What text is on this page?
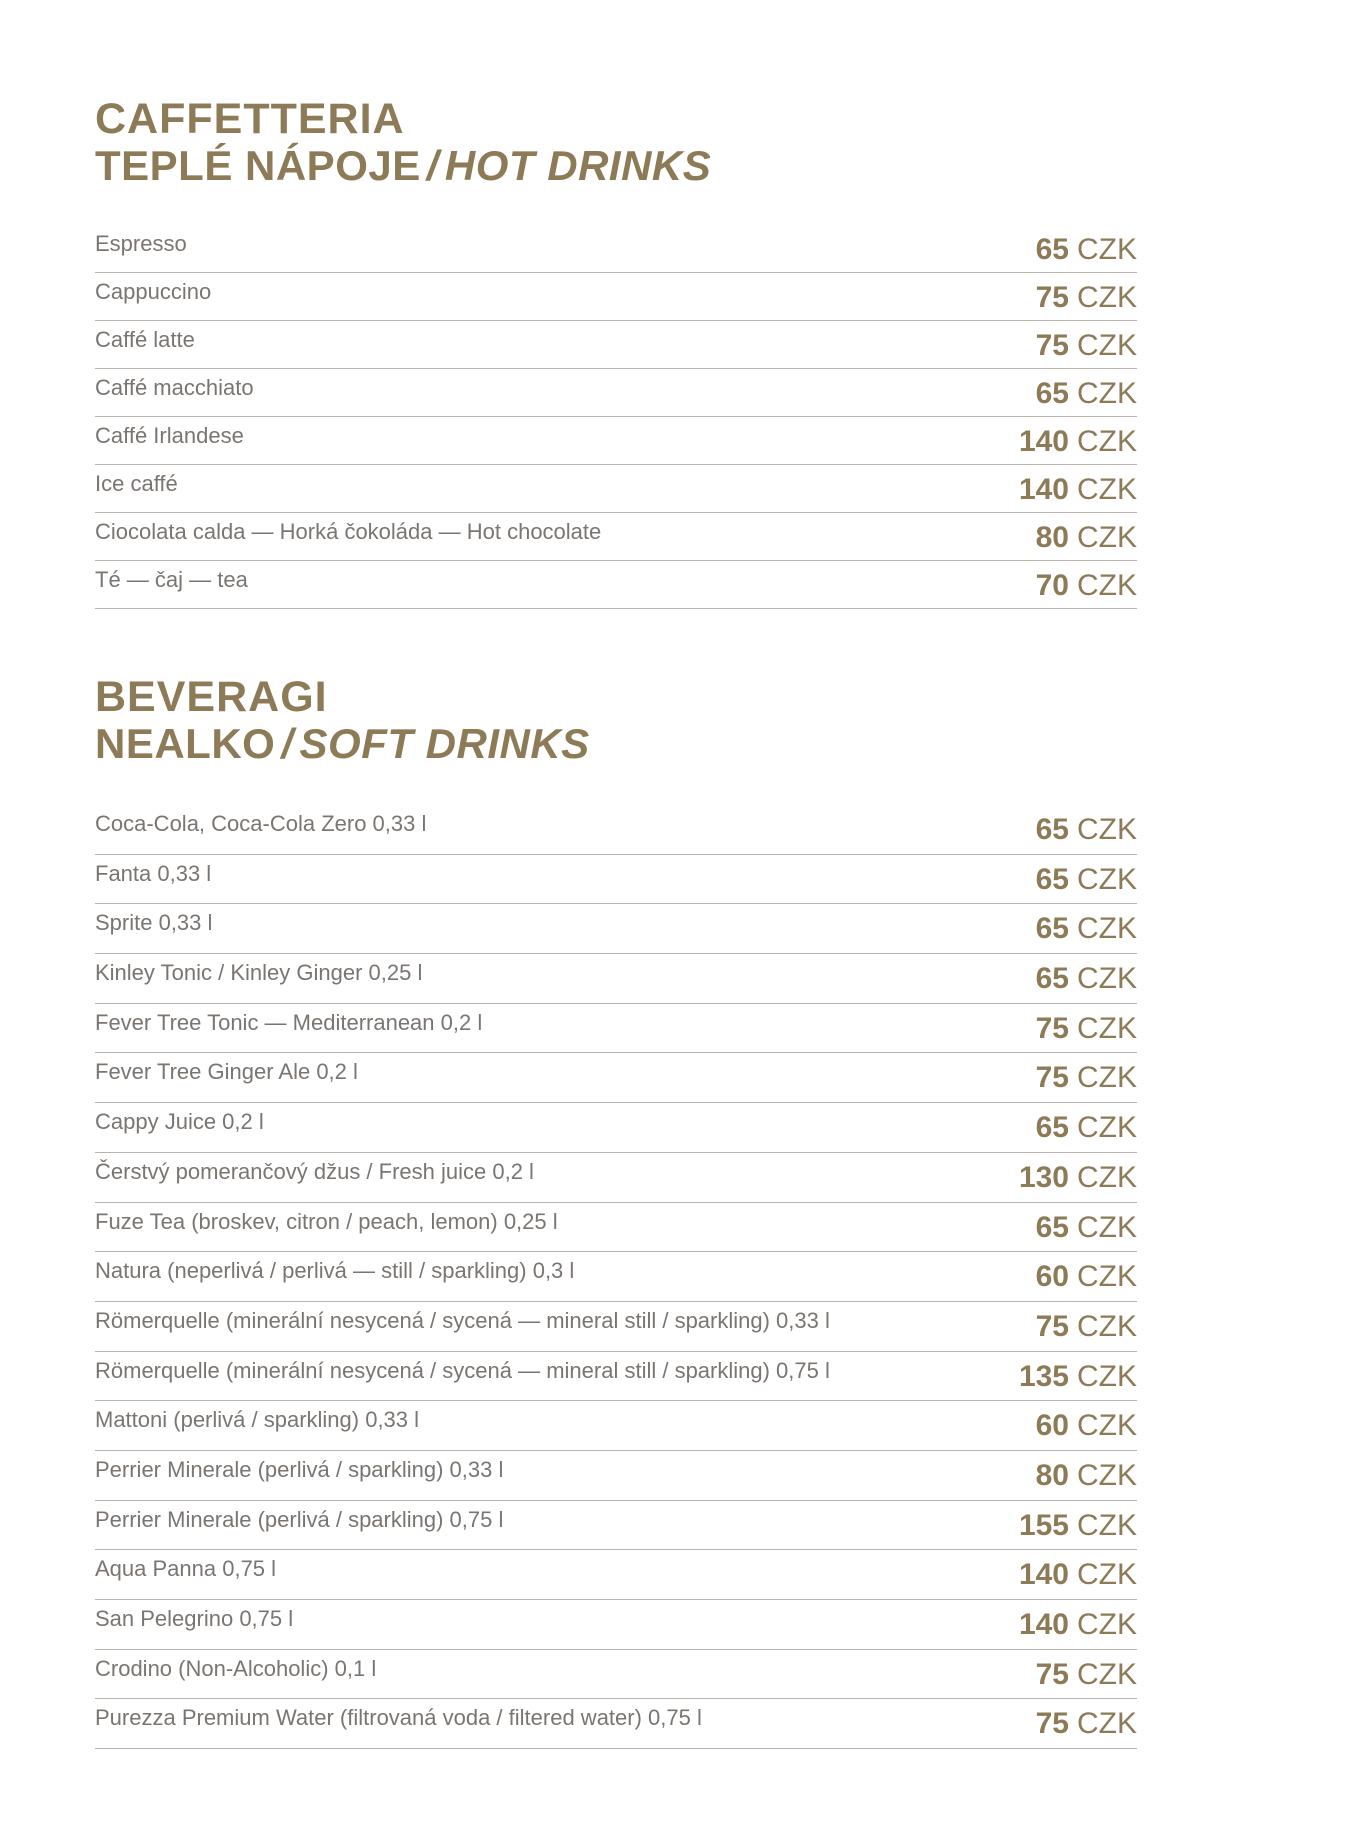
CAFFETTERIA
TEPLÉ NÁPOJE / HOT DRINKS
Espresso	65 CZK
Cappuccino	75 CZK
Caffé latte	75 CZK
Caffé macchiato	65 CZK
Caffé Irlandese	140 CZK
Ice caffé	140 CZK
Ciocolata calda — Horká čokoláda — Hot chocolate	80 CZK
Té — čaj — tea	70 CZK
BEVERAGI
NEALKO / SOFT DRINKS
Coca-Cola, Coca-Cola Zero 0,33 l	65 CZK
Fanta 0,33 l	65 CZK
Sprite 0,33 l	65 CZK
Kinley Tonic / Kinley Ginger 0,25 l	65 CZK
Fever Tree Tonic — Mediterranean 0,2 l	75 CZK
Fever Tree Ginger Ale 0,2 l	75 CZK
Cappy Juice 0,2 l	65 CZK
Čerstvý pomerančový džus / Fresh juice 0,2 l	130 CZK
Fuze Tea (broskev, citron / peach, lemon) 0,25 l	65 CZK
Natura (neperlivá / perlivá — still / sparkling) 0,3 l	60 CZK
Römerquelle (minerální nesycená / sycená — mineral still / sparkling) 0,33 l	75 CZK
Römerquelle (minerální nesycená / sycená — mineral still / sparkling) 0,75 l	135 CZK
Mattoni (perlivá / sparkling) 0,33 l	60 CZK
Perrier Minerale (perlivá / sparkling) 0,33 l	80 CZK
Perrier Minerale (perlivá / sparkling) 0,75 l	155 CZK
Aqua Panna 0,75 l	140 CZK
San Pelegrino 0,75 l	140 CZK
Crodino (Non-Alcoholic) 0,1 l	75 CZK
Purezza Premium Water (filtrovaná voda / filtered water) 0,75 l	75 CZK
